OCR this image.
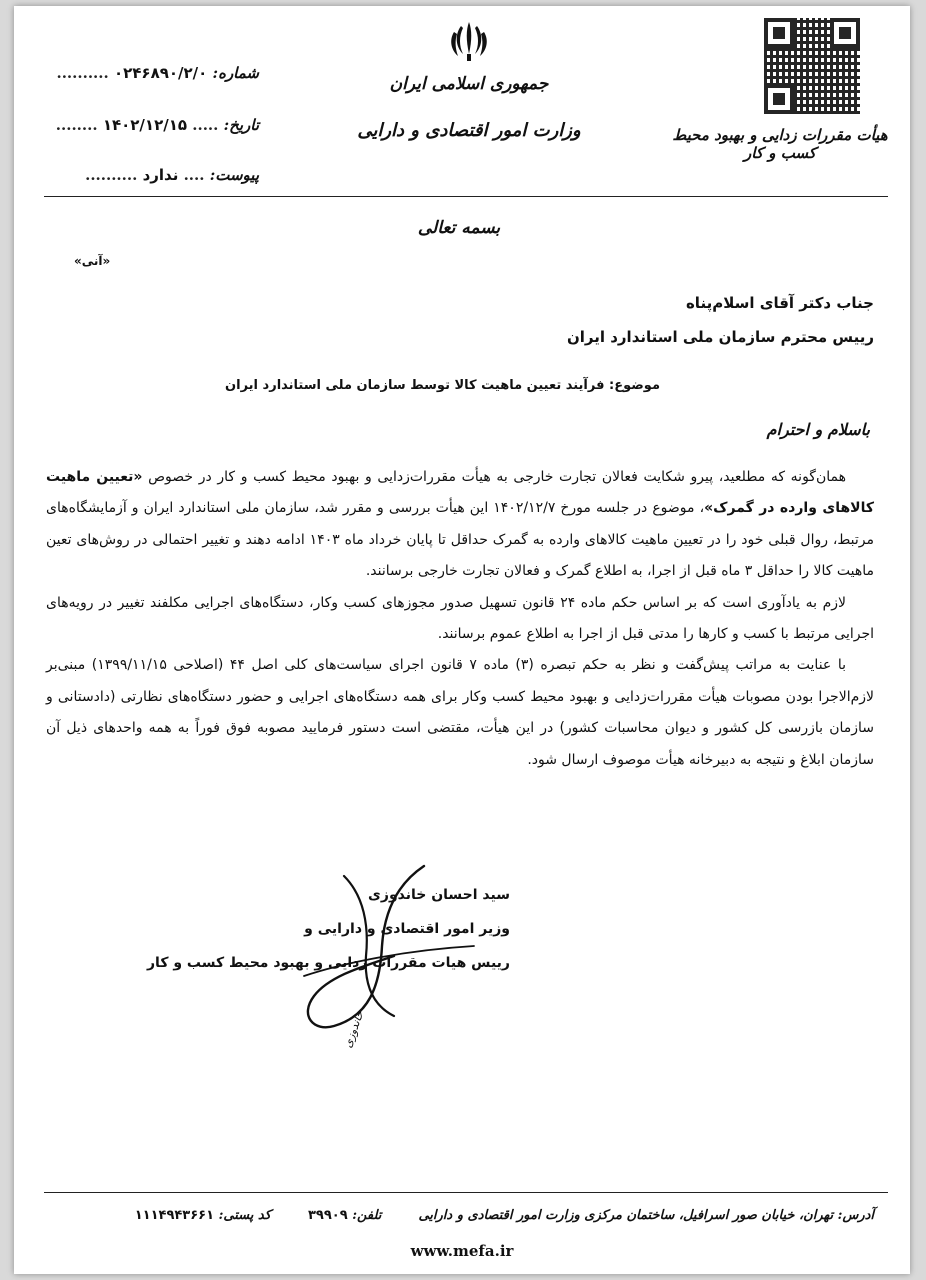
هیأت مقررات زدایی و بهبود محیط کسب و کار
جمهوری اسلامی ایران
وزارت امور اقتصادی و دارایی
شماره: ۰۲۴۶۸۹۰/۲/۰ ..........
تاریخ: ..... ۱۴۰۲/۱۲/۱۵ ........
پیوست: .... ندارد ..........
بسمه تعالی
«آنی»
جناب دکتر آقای اسلام‌پناه
رییس محترم سازمان ملی استاندارد ایران
موضوع: فرآیند تعیین ماهیت کالا توسط سازمان ملی استاندارد ایران
باسلام و احترام

همان‌گونه که مطلعید، پیرو شکایت فعالان تجارت خارجی به هیأت مقررات‌زدایی و بهبود محیط کسب و کار در خصوص «تعیین ماهیت کالاهای وارده در گمرک»، موضوع در جلسه مورخ ۱۴۰۲/۱۲/۷ این هیأت بررسی و مقرر شد، سازمان ملی استاندارد ایران و آزمایشگاه‌های مرتبط، روال قبلی خود را در تعیین ماهیت کالاهای وارده به گمرک حداقل تا پایان خرداد ماه ۱۴۰۳ ادامه دهند و تغییر احتمالی در روش‌های تعین ماهیت کالا را حداقل ۳ ماه قبل از اجرا، به اطلاع گمرک و فعالان تجارت خارجی برسانند.

لازم به یادآوری است که بر اساس حکم ماده ۲۴ قانون تسهیل صدور مجوزهای کسب وکار، دستگاه‌های اجرایی مکلفند تغییر در رویه‌های اجرایی مرتبط با کسب و کارها را مدتی قبل از اجرا به اطلاع عموم برسانند.

با عنایت به مراتب پیش‌گفت و نظر به حکم تبصره (۳) ماده ۷ قانون اجرای سیاست‌های کلی اصل ۴۴ (اصلاحی ۱۳۹۹/۱۱/۱۵) مبنی‌بر لازم‌الاجرا بودن مصوبات هیأت مقررات‌زدایی و بهبود محیط کسب وکار برای همه دستگاه‌های اجرایی و حضور دستگاه‌های نظارتی (دادستانی و سازمان بازرسی کل کشور و دیوان محاسبات کشور) در این هیأت، مقتضی است دستور فرمایید مصوبه فوق فوراً به همه واحدهای ذیل آن سازمان ابلاغ و نتیجه به دبیرخانه هیأت موصوف ارسال شود.

سید احسان خاندوزی
وزیر امور اقتصادی و دارایی و
رییس هیات مقررات زدایی و بهبود محیط کسب و کار
خاندوزی
آدرس: تهران، خیابان صور اسرافیل، ساختمان مرکزی وزارت امور اقتصادی و دارایی  تلفن: ۳۹۹۰۹  کد پستی: ۱۱۱۴۹۴۳۶۶۱
www.mefa.ir
